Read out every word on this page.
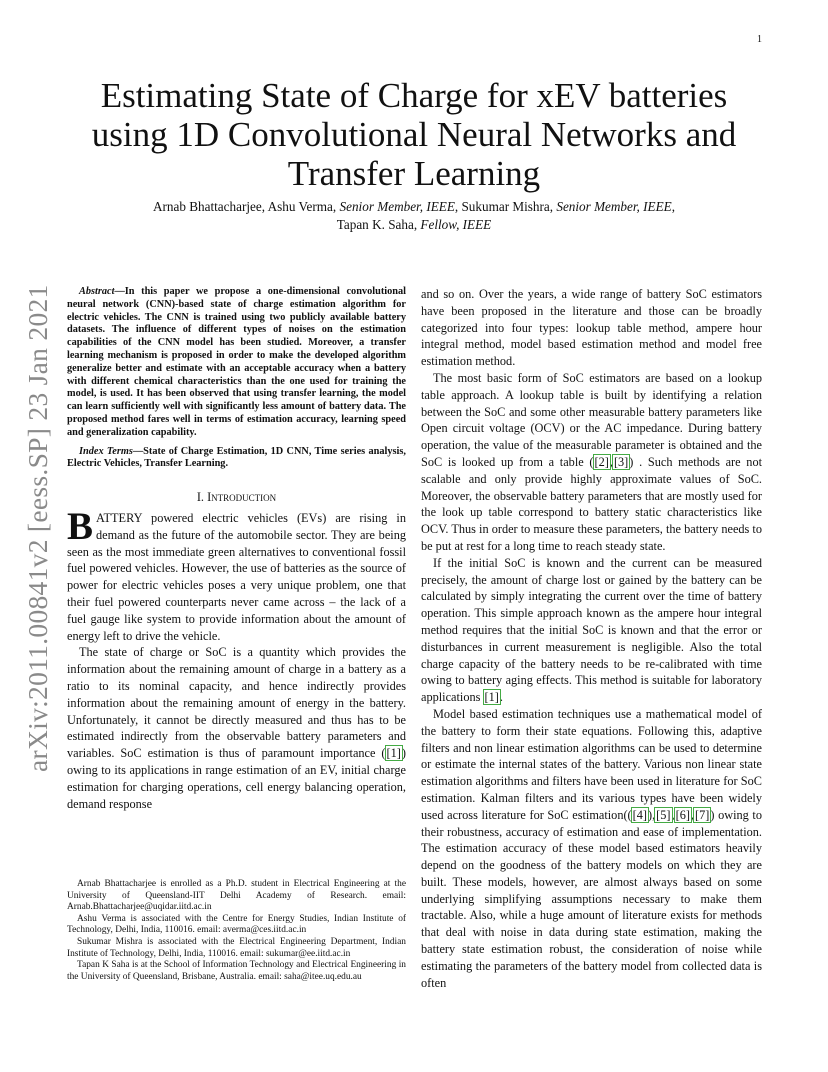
1
arXiv:2011.00841v2 [eess.SP] 23 Jan 2021
Estimating State of Charge for xEV batteries using 1D Convolutional Neural Networks and Transfer Learning
Arnab Bhattacharjee, Ashu Verma, Senior Member, IEEE, Sukumar Mishra, Senior Member, IEEE, Tapan K. Saha, Fellow, IEEE

Abstract—In this paper we propose a one-dimensional convolutional neural network (CNN)-based state of charge estimation algorithm for electric vehicles. The CNN is trained using two publicly available battery datasets. The influence of different types of noises on the estimation capabilities of the CNN model has been studied. Moreover, a transfer learning mechanism is proposed in order to make the developed algorithm generalize better and estimate with an acceptable accuracy when a battery with different chemical characteristics than the one used for training the model, is used. It has been observed that using transfer learning, the model can learn sufficiently well with significantly less amount of battery data. The proposed method fares well in terms of estimation accuracy, learning speed and generalization capability.

Index Terms—State of Charge Estimation, 1D CNN, Time series analysis, Electric Vehicles, Transfer Learning.

I. Introduction

BATTERY powered electric vehicles (EVs) are rising in demand as the future of the automobile sector. They are being seen as the most immediate green alternatives to conventional fossil fuel powered vehicles. However, the use of batteries as the source of power for electric vehicles poses a very unique problem, one that their fuel powered counterparts never came across – the lack of a fuel gauge like system to provide information about the amount of energy left to drive the vehicle.

The state of charge or SoC is a quantity which provides the information about the remaining amount of charge in a battery as a ratio to its nominal capacity, and hence indirectly provides information about the remaining amount of energy in the battery. Unfortunately, it cannot be directly measured and thus has to be estimated indirectly from the observable battery parameters and variables. SoC estimation is thus of paramount importance ([1]) owing to its applications in range estimation of an EV, initial charge estimation for charging operations, cell energy balancing operation, demand response

Arnab Bhattacharjee is enrolled as a Ph.D. student in Electrical Engineering at the University of Queensland-IIT Delhi Academy of Research. email: Arnab.Bhattacharjee@uqidar.iitd.ac.in

Ashu Verma is associated with the Centre for Energy Studies, Indian Institute of Technology, Delhi, India, 110016. email: averma@ces.iitd.ac.in

Sukumar Mishra is associated with the Electrical Engineering Department, Indian Institute of Technology, Delhi, India, 110016. email: sukumar@ee.iitd.ac.in

Tapan K Saha is at the School of Information Technology and Electrical Engineering in the University of Queensland, Brisbane, Australia. email: saha@itee.uq.edu.au

and so on. Over the years, a wide range of battery SoC estimators have been proposed in the literature and those can be broadly categorized into four types: lookup table method, ampere hour integral method, model based estimation method and model free estimation method.

The most basic form of SoC estimators are based on a lookup table approach. A lookup table is built by identifying a relation between the SoC and some other measurable battery parameters like Open circuit voltage (OCV) or the AC impedance. During battery operation, the value of the measurable parameter is obtained and the SoC is looked up from a table ([2],[3]) . Such methods are not scalable and only provide highly approximate values of SoC. Moreover, the observable battery parameters that are mostly used for the look up table correspond to battery static characteristics like OCV. Thus in order to measure these parameters, the battery needs to be put at rest for a long time to reach steady state.

If the initial SoC is known and the current can be measured precisely, the amount of charge lost or gained by the battery can be calculated by simply integrating the current over the time of battery operation. This simple approach known as the ampere hour integral method requires that the initial SoC is known and that the error or disturbances in current measurement is negligible. Also the total charge capacity of the battery needs to be re-calibrated with time owing to battery aging effects. This method is suitable for laboratory applications [1].

Model based estimation techniques use a mathematical model of the battery to form their state equations. Following this, adaptive filters and non linear estimation algorithms can be used to determine or estimate the internal states of the battery. Various non linear state estimation algorithms and filters have been used in literature for SoC estimation. Kalman filters and its various types have been widely used across literature for SoC estimation(([4]),[5],[6],[7]) owing to their robustness, accuracy of estimation and ease of implementation. The estimation accuracy of these model based estimators heavily depend on the goodness of the battery models on which they are built. These models, however, are almost always based on some underlying simplifying assumptions necessary to make them tractable. Also, while a huge amount of literature exists for methods that deal with noise in data during state estimation, making the battery state estimation robust, the consideration of noise while estimating the parameters of the battery model from collected data is often
